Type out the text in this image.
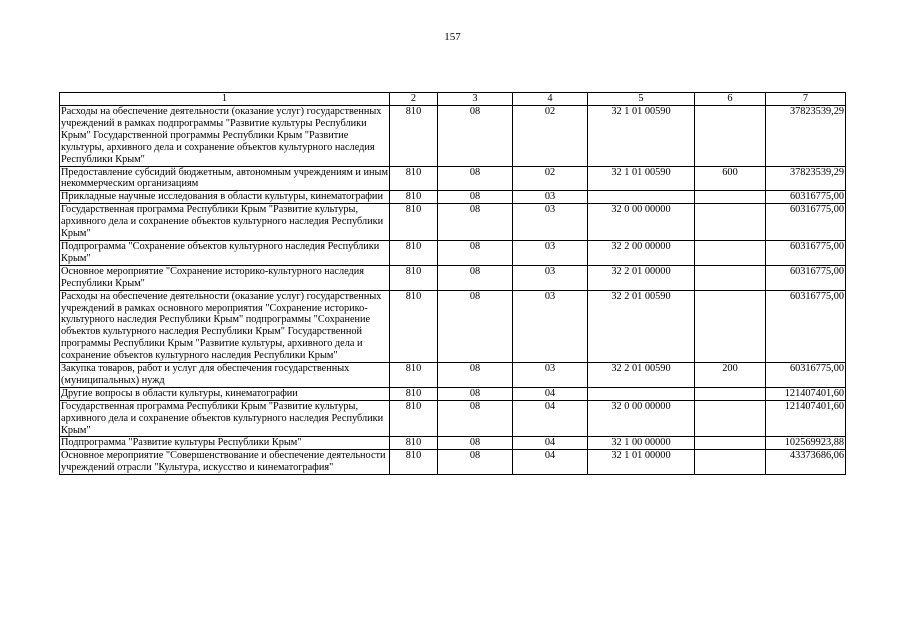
157
1	2	3	4	5	6	7
Расходы на обеспечение деятельности (оказание услуг) государственных учреждений в рамках подпрограммы "Развитие культуры Республики Крым" Государственной программы Республики Крым "Развитие культуры, архивного дела и сохранение объектов культурного наследия Республики Крым"	810	08	02	32 1 01 00590		37823539,29
Предоставление субсидий бюджетным, автономным учреждениям и иным некоммерческим организациям	810	08	02	32 1 01 00590	600	37823539,29
Прикладные научные исследования в области культуры, кинематографии	810	08	03			60316775,00
Государственная программа Республики Крым "Развитие культуры, архивного дела и сохранение объектов культурного наследия Республики Крым"	810	08	03	32 0 00 00000		60316775,00
Подпрограмма "Сохранение объектов культурного наследия Республики Крым"	810	08	03	32 2 00 00000		60316775,00
Основное мероприятие "Сохранение историко-культурного наследия Республики Крым"	810	08	03	32 2 01 00000		60316775,00
Расходы на обеспечение деятельности (оказание услуг) государственных учреждений в рамках основного мероприятия "Сохранение историко-культурного наследия Республики Крым" подпрограммы "Сохранение объектов культурного наследия Республики Крым" Государственной программы Республики Крым "Развитие культуры, архивного дела и сохранение объектов культурного наследия Республики Крым"	810	08	03	32 2 01 00590		60316775,00
Закупка товаров, работ и услуг для обеспечения государственных (муниципальных) нужд	810	08	03	32 2 01 00590	200	60316775,00
Другие вопросы в области культуры, кинематографии	810	08	04			121407401,60
Государственная программа Республики Крым "Развитие культуры, архивного дела и сохранение объектов культурного наследия Республики Крым"	810	08	04	32 0 00 00000		121407401,60
Подпрограмма "Развитие культуры Республики Крым"	810	08	04	32 1 00 00000		102569923,88
Основное мероприятие "Совершенствование и обеспечение деятельности учреждений отрасли "Культура, искусство и кинематография"	810	08	04	32 1 01 00000		43373686,06
